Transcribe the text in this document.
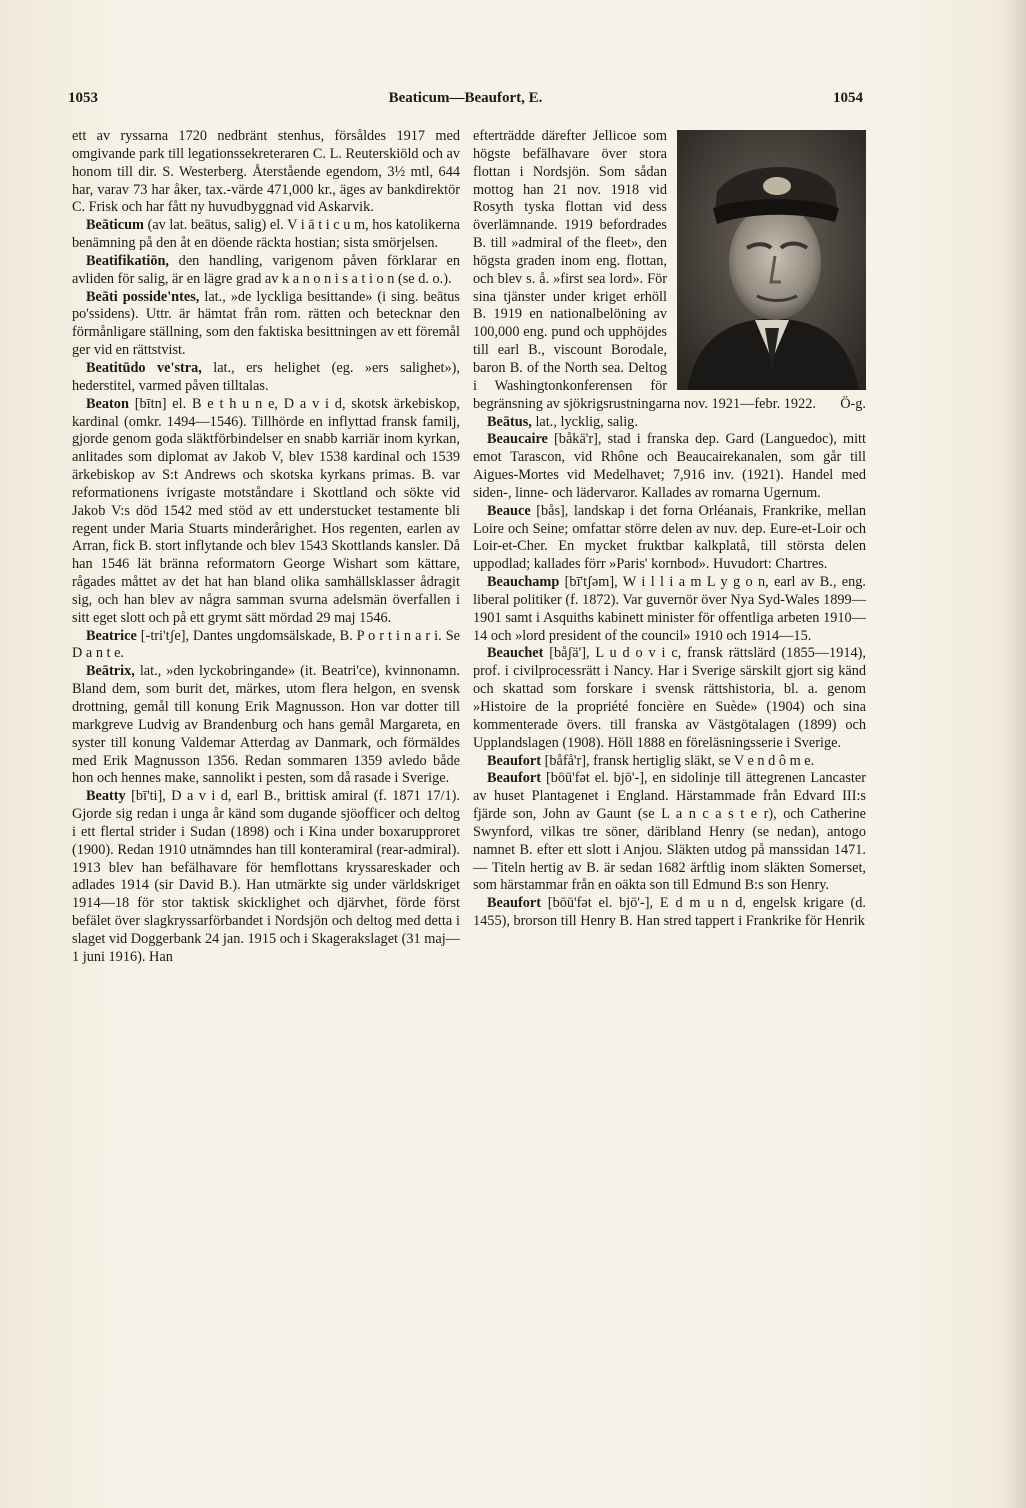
1053	Beaticum—Beaufort, E.	1054

ett av ryssarna 1720 nedbränt stenhus, försåldes 1917 med omgivande park till legationssekreteraren C. L. Reuterskiöld och av honom till dir. S. Westerberg. Återstående egendom, 3½ mtl, 644 har, varav 73 har åker, tax.-värde 471,000 kr., äges av bankdirektör C. Frisk och har fått ny huvudbyggnad vid Askarvik.

Beāticum (av lat. beātus, salig) el. V i ā t i c u m, hos katolikerna benämning på den åt en döende räckta hostian; sista smörjelsen.

Beatifikatiōn, den handling, varigenom påven förklarar en avliden för salig, är en lägre grad av k a n o n i s a t i o n (se d. o.).

Beāti posside'ntes, lat., »de lyckliga besittande» (i sing. beātus po'ssidens). Uttr. är hämtat från rom. rätten och betecknar den förmånligare ställning, som den faktiska besittningen av ett föremål ger vid en rättstvist.

Beatitūdo ve'stra, lat., ers helighet (eg. »ers salighet»), hederstitel, varmed påven tilltalas.

Beaton [bītn] el. B e t h u n e, D a v i d, skotsk ärkebiskop, kardinal (omkr. 1494—1546). Tillhörde en inflyttad fransk familj, gjorde genom goda släktförbindelser en snabb karriär inom kyrkan, anlitades som diplomat av Jakob V, blev 1538 kardinal och 1539 ärkebiskop av S:t Andrews och skotska kyrkans primas. B. var reformationens ivrigaste motståndare i Skottland och sökte vid Jakob V:s död 1542 med stöd av ett understucket testamente bli regent under Maria Stuarts minderårighet. Hos regenten, earlen av Arran, fick B. stort inflytande och blev 1543 Skottlands kansler. Då han 1546 lät bränna reformatorn George Wishart som kättare, rågades måttet av det hat han bland olika samhällsklasser ådragit sig, och han blev av några samman svurna adelsmän överfallen i sitt eget slott och på ett grymt sätt mördad 29 maj 1546.

Beatrice [-tri'tʃe], Dantes ungdomsälskade, B. P o r t i n a r i. Se D a n t e.

Beātrix, lat., »den lyckobringande» (it. Beatri'ce), kvinnonamn. Bland dem, som burit det, märkes, utom flera helgon, en svensk drottning, gemål till konung Erik Magnusson. Hon var dotter till markgreve Ludvig av Brandenburg och hans gemål Margareta, en syster till konung Valdemar Atterdag av Danmark, och förmäldes med Erik Magnusson 1356. Redan sommaren 1359 avledo både hon och hennes make, sannolikt i pesten, som då rasade i Sverige.

Beatty [bī'ti], D a v i d, earl B., brittisk amiral (f. 1871 17/1). Gjorde sig redan i unga år känd som dugande sjöofficer och deltog i ett flertal strider i Sudan (1898) och i Kina under boxarupproret (1900). Redan 1910 utnämndes han till konteramiral (rear-admiral). 1913 blev han befälhavare för hemflottans kryssareskader och adlades 1914 (sir David B.). Han utmärkte sig under världskriget 1914—18 för stor taktisk skicklighet och djärvhet, förde först befälet över slagkryssarförbandet i Nordsjön och deltog med detta i slaget vid Doggerbank 24 jan. 1915 och i Skagerakslaget (31 maj—1 juni 1916). Han

efterträdde därefter Jellicoe som högste befälhavare över stora flottan i Nordsjön. Som sådan mottog han 21 nov. 1918 vid Rosyth tyska flottan vid dess överlämnande. 1919 befordrades B. till »admiral of the fleet», den högsta graden inom eng. flottan, och blev s. å. »first sea lord». För sina tjänster under kriget erhöll B. 1919 en nationalbelöning av 100,000 eng. pund och upphöjdes till earl B., viscount Borodale, baron B. of the North sea. Deltog i Washingtonkonferensen för begränsning av sjökrigsrustningarna nov. 1921—febr. 1922.	Ö-g.

Beātus, lat., lycklig, salig.

Beaucaire [båkä'r], stad i franska dep. Gard (Languedoc), mitt emot Tarascon, vid Rhône och Beaucairekanalen, som går till Aigues-Mortes vid Medelhavet; 7,916 inv. (1921). Handel med siden-, linne- och lädervaror. Kallades av romarna Ugernum.

Beauce [bås], landskap i det forna Orléanais, Frankrike, mellan Loire och Seine; omfattar större delen av nuv. dep. Eure-et-Loir och Loir-et-Cher. En mycket fruktbar kalkplatå, till största delen uppodlad; kallades förr »Paris' kornbod». Huvudort: Chartres.

Beauchamp [bī'tʃəm], W i l l i a m L y g o n, earl av B., eng. liberal politiker (f. 1872). Var guvernör över Nya Syd-Wales 1899—1901 samt i Asquiths kabinett minister för offentliga arbeten 1910—14 och »lord president of the council» 1910 och 1914—15.

Beauchet [båʃä'], L u d o v i c, fransk rättslärd (1855—1914), prof. i civilprocessrätt i Nancy. Har i Sverige särskilt gjort sig känd och skattad som forskare i svensk rättshistoria, bl. a. genom »Histoire de la propriété foncière en Suède» (1904) och sina kommenterade övers. till franska av Västgötalagen (1899) och Upplandslagen (1908). Höll 1888 en föreläsningsserie i Sverige.

Beaufort [båfå'r], fransk hertiglig släkt, se V e n d ô m e.

Beaufort [bōū'fət el. bjō'-], en sidolinje till ättegrenen Lancaster av huset Plantagenet i England. Härstammade från Edvard III:s fjärde son, John av Gaunt (se L a n c a s t e r), och Catherine Swynford, vilkas tre söner, däribland Henry (se nedan), antogo namnet B. efter ett slott i Anjou. Släkten utdog på manssidan 1471. — Titeln hertig av B. är sedan 1682 ärftlig inom släkten Somerset, som härstammar från en oäkta son till Edmund B:s son Henry.

Beaufort [bōū'fət el. bjō'-], E d m u n d, engelsk krigare (d. 1455), brorson till Henry B. Han stred tappert i Frankrike för Henrik
